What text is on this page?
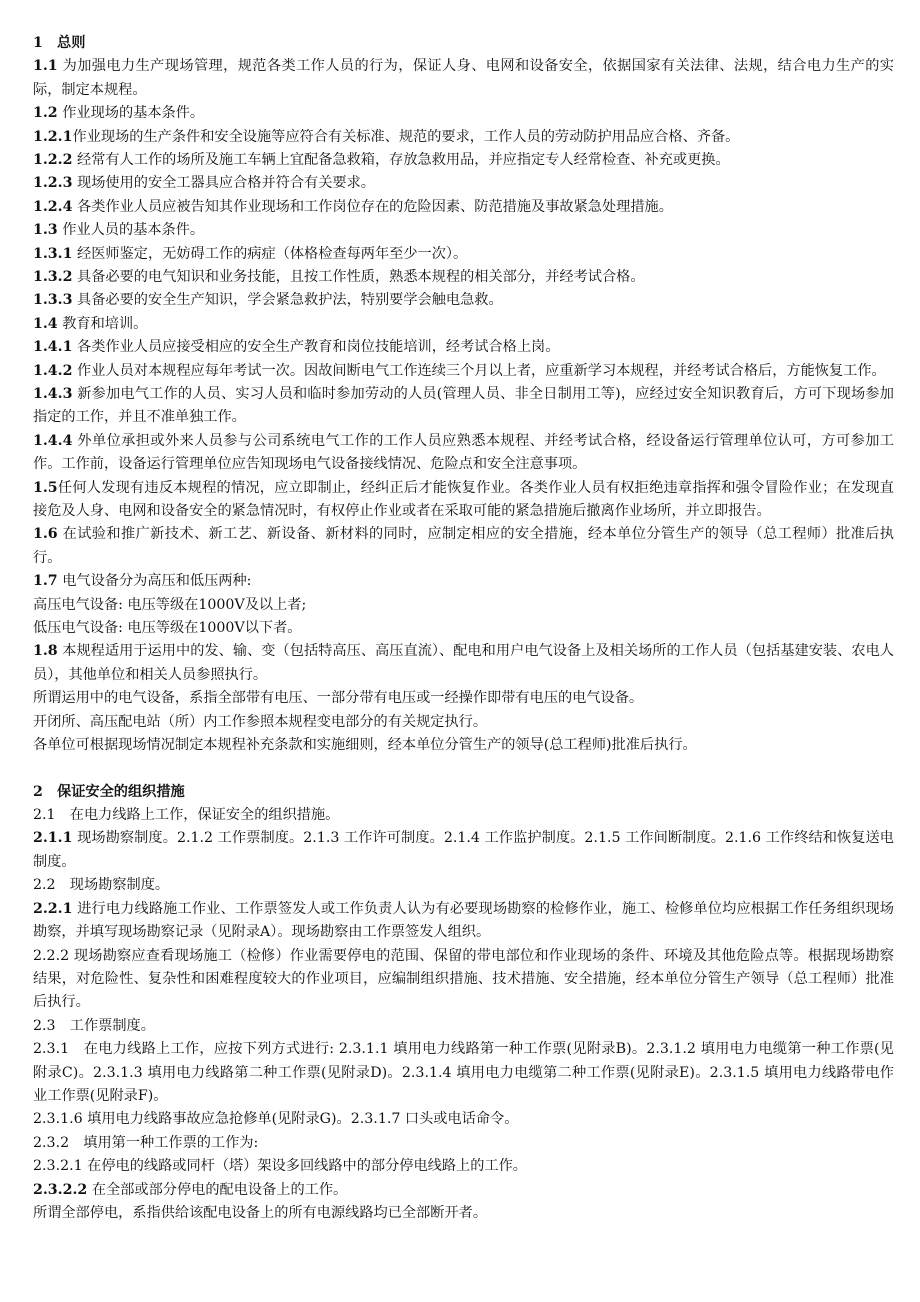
1　总则
1.1 为加强电力生产现场管理，规范各类工作人员的行为，保证人身、电网和设备安全，依据国家有关法律、法规，结合电力生产的实际，制定本规程。
1.2 作业现场的基本条件。
1.2.1作业现场的生产条件和安全设施等应符合有关标准、规范的要求，工作人员的劳动防护用品应合格、齐备。
1.2.2 经常有人工作的场所及施工车辆上宜配备急救箱，存放急救用品，并应指定专人经常检查、补充或更换。
1.2.3 现场使用的安全工器具应合格并符合有关要求。
1.2.4 各类作业人员应被告知其作业现场和工作岗位存在的危险因素、防范措施及事故紧急处理措施。
1.3 作业人员的基本条件。
1.3.1 经医师鉴定，无妨碍工作的病症（体格检查每两年至少一次）。
1.3.2 具备必要的电气知识和业务技能，且按工作性质，熟悉本规程的相关部分，并经考试合格。
1.3.3 具备必要的安全生产知识，学会紧急救护法，特别要学会触电急救。
1.4 教育和培训。
1.4.1 各类作业人员应接受相应的安全生产教育和岗位技能培训，经考试合格上岗。
1.4.2 作业人员对本规程应每年考试一次。因故间断电气工作连续三个月以上者，应重新学习本规程，并经考试合格后，方能恢复工作。
1.4.3 新参加电气工作的人员、实习人员和临时参加劳动的人员(管理人员、非全日制用工等)，应经过安全知识教育后，方可下现场参加指定的工作，并且不准单独工作。
1.4.4 外单位承担或外来人员参与公司系统电气工作的工作人员应熟悉本规程、并经考试合格，经设备运行管理单位认可，方可参加工作。工作前，设备运行管理单位应告知现场电气设备接线情况、危险点和安全注意事项。
1.5任何人发现有违反本规程的情况，应立即制止，经纠正后才能恢复作业。各类作业人员有权拒绝违章指挥和强令冒险作业；在发现直接危及人身、电网和设备安全的紧急情况时，有权停止作业或者在采取可能的紧急措施后撤离作业场所，并立即报告。
1.6 在试验和推广新技术、新工艺、新设备、新材料的同时，应制定相应的安全措施，经本单位分管生产的领导（总工程师）批准后执行。
1.7 电气设备分为高压和低压两种:
高压电气设备: 电压等级在1000V及以上者;
低压电气设备: 电压等级在1000V以下者。
1.8 本规程适用于运用中的发、输、变（包括特高压、高压直流）、配电和用户电气设备上及相关场所的工作人员（包括基建安装、农电人员），其他单位和相关人员参照执行。
所谓运用中的电气设备，系指全部带有电压、一部分带有电压或一经操作即带有电压的电气设备。
开闭所、高压配电站（所）内工作参照本规程变电部分的有关规定执行。
各单位可根据现场情况制定本规程补充条款和实施细则，经本单位分管生产的领导(总工程师)批准后执行。
2　保证安全的组织措施
2.1　在电力线路上工作，保证安全的组织措施。
2.1.1 现场勘察制度。2.1.2 工作票制度。2.1.3 工作许可制度。2.1.4 工作监护制度。2.1.5 工作间断制度。2.1.6 工作终结和恢复送电制度。
2.2　现场勘察制度。
2.2.1 进行电力线路施工作业、工作票签发人或工作负责人认为有必要现场勘察的检修作业，施工、检修单位均应根据工作任务组织现场勘察，并填写现场勘察记录（见附录A）。现场勘察由工作票签发人组织。
2.2.2 现场勘察应查看现场施工（检修）作业需要停电的范围、保留的带电部位和作业现场的条件、环境及其他危险点等。根据现场勘察结果，对危险性、复杂性和困难程度较大的作业项目，应编制组织措施、技术措施、安全措施，经本单位分管生产领导（总工程师）批准后执行。
2.3　工作票制度。
2.3.1　在电力线路上工作，应按下列方式进行: 2.3.1.1 填用电力线路第一种工作票(见附录B)。2.3.1.2 填用电力电缆第一种工作票(见附录C)。2.3.1.3 填用电力线路第二种工作票(见附录D)。2.3.1.4 填用电力电缆第二种工作票(见附录E)。2.3.1.5 填用电力线路带电作业工作票(见附录F)。
2.3.1.6 填用电力线路事故应急抢修单(见附录G)。2.3.1.7 口头或电话命令。
2.3.2　填用第一种工作票的工作为:
2.3.2.1 在停电的线路或同杆（塔）架设多回线路中的部分停电线路上的工作。
2.3.2.2 在全部或部分停电的配电设备上的工作。
所谓全部停电，系指供给该配电设备上的所有电源线路均已全部断开者。
